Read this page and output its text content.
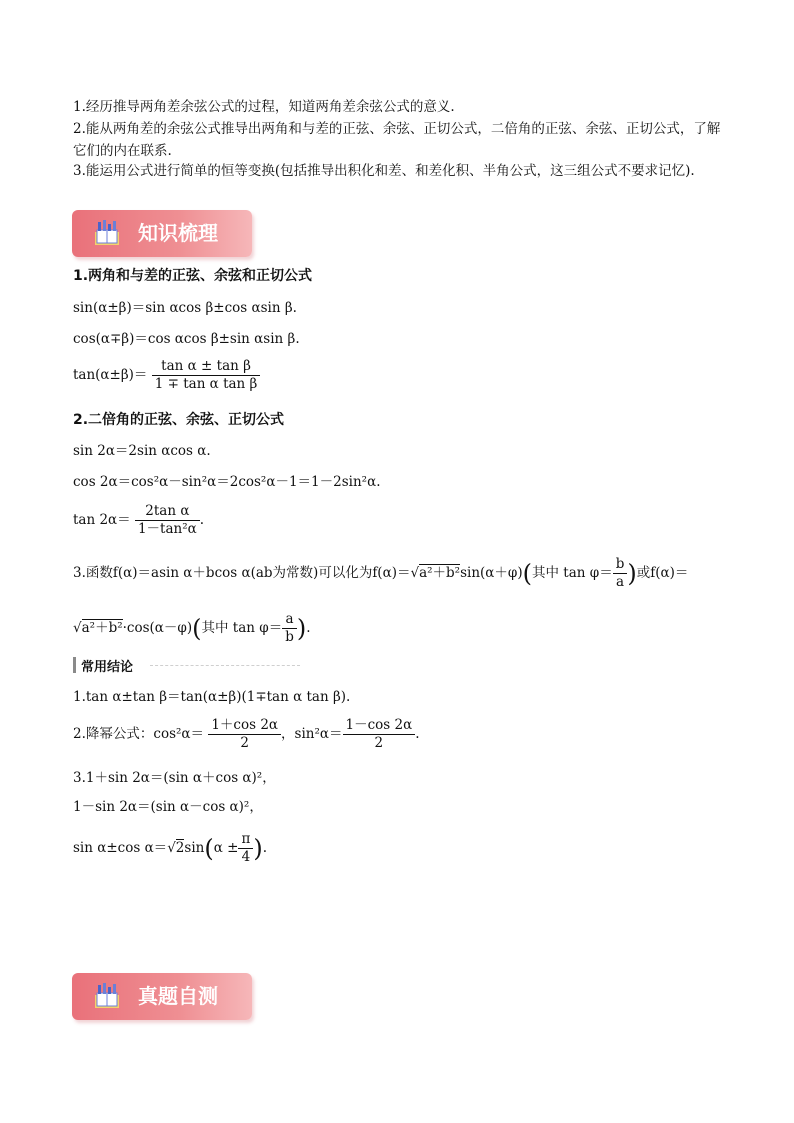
1.经历推导两角差余弦公式的过程，知道两角差余弦公式的意义.
2.能从两角差的余弦公式推导出两角和与差的正弦、余弦、正切公式，二倍角的正弦、余弦、正切公式，了解它们的内在联系.
3.能运用公式进行简单的恒等变换(包括推导出积化和差、和差化积、半角公式，这三组公式不要求记忆).
知识梳理
1.两角和与差的正弦、余弦和正切公式
sin(α±β)＝sin αcos β±cos αsin β.
cos(α∓β)＝cos αcos β±sin αsin β.
$\tan(\alpha\pm\beta)= \frac{\text{tan α ± tan β}}{\text{1 ∓ tan α tan β}}$
2.二倍角的正弦、余弦、正切公式
sin 2α＝2sin αcos α.
cos 2α＝cos²α－sin²α＝2cos²α－1＝1－2sin²α.
$\tan 2\alpha= \frac{\text{2tan α}}{\text{1－tan²α}}$ .
3.函数f(α)＝asin α＋bcos α(ab为常数)可以化为f(α)＝√a²＋b²sin(α＋φ)(其中 $\tan \varphi= \frac{b}{a}$ )或f(α)＝
√a²＋b²·cos(α－φ)(其中 $\tan \varphi= \frac{a}{b}$ ).
常用结论
1.tan α±tan β＝tan(α±β)(1∓tan α tan β).
2.降幂公式：$\cos^2\alpha= \frac{1+\cos 2\alpha}{2}$ ，$\sin^2\alpha= \frac{1-\cos 2\alpha}{2}$ .
3.1＋sin 2α＝(sin α＋cos α)²，
1－sin 2α＝(sin α－cos α)²，
sin α±cos $\alpha=√2\sin(\alpha \pm \frac{\pi}{4}$ ).
真题自测
